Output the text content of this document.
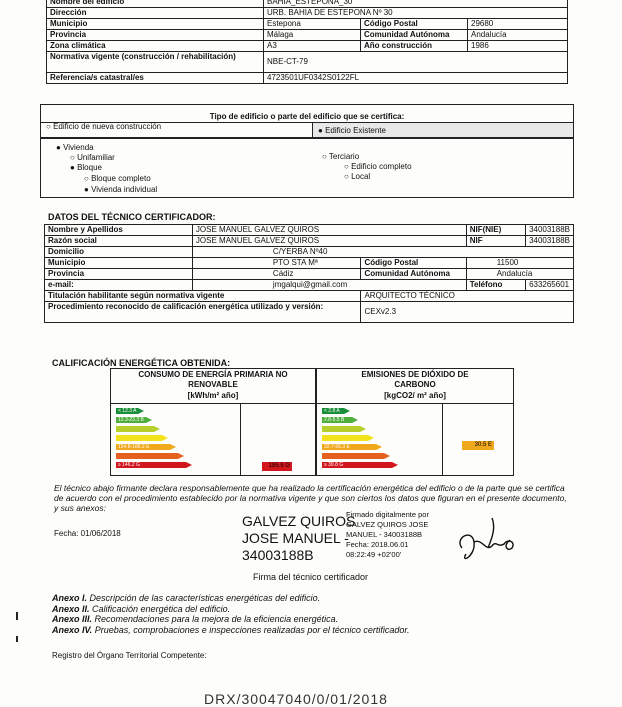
Nombre del edificio	BAHIA_ESTEPONA_30		
Dirección	URB. BAHIA DE ESTEPONA Nº 30		
Municipio	Estepona	Código Postal	29680
Provincia	Málaga	Comunidad Autónoma	Andalucía
Zona climática	A3	Año construcción	1986
Normativa vigente (construcción / rehabilitación)	NBE-CT-79		
Referencia/s catastral/es	4723501UF0342S0122FL		
Tipo de edificio o parte del edificio que se certifica:
○ Edificio de nueva construcción	● Edificio Existente
● Vivienda
○ Unifamiliar
● Bloque
○ Bloque completo
● Vivienda individual
○ Terciario
○ Edificio completo
○ Local
DATOS DEL TÉCNICO CERTIFICADOR:
Nombre y Apellidos	JOSE MANUEL GALVEZ QUIROS		NIF(NIE)	34003188B
Razón social	JOSE MANUEL GALVEZ QUIROS		NIF	34003188B
Domicilio	C/YERBA Nº40			
Municipio	PTO STA Mª	Código Postal	11500	
Provincia	Cádiz	Comunidad Autónoma	Andalucía	
e-mail:	jmgalqui@gmail.com		Teléfono	633265601
Titulación habilitante según normativa vigente		ARQUITECTO TÉCNICO		
Procedimiento reconocido de calificación energética utilizado y versión:		CEXv2.3		
CALIFICACIÓN ENERGÉTICA OBTENIDA:
CONSUMO DE ENERGÍA PRIMARIA NO RENOVABLE
[kWh/m² año]
EMISIONES DE DIÓXIDO DE CARBONO
[kgCO2/ m² año]
< 12.3 A
12.3-23.3 B
154.8-189.2 E
≥ 146.2 G
< 2.8 A
2.8-5.5 B
32.7-56.3 E
≥ 39.8 G
185.5 G
30.5 E
El técnico abajo firmante declara responsablemente que ha realizado la certificación energética del edificio o de la parte que se certifica de acuerdo con el procedimiento establecido por la normativa vigente y que son ciertos los datos que figuran en el presente documento, y sus anexos:
Fecha: 01/06/2018
GALVEZ QUIROS
JOSE MANUEL -
34003188B
Firmado digitalmente por
GALVEZ QUIROS JOSE
MANUEL - 34003188B
Fecha: 2018.06.01
08:22:49 +02'00'
Firma del técnico certificador
Anexo I. Descripción de las características energéticas del edificio.
Anexo II. Calificación energética del edificio.
Anexo III. Recomendaciones para la mejora de la eficiencia energética.
Anexo IV. Pruebas, comprobaciones e inspecciones realizadas por el técnico certificador.
Registro del Órgano Territorial Competente:
DRX/30047040/0/01/2018
